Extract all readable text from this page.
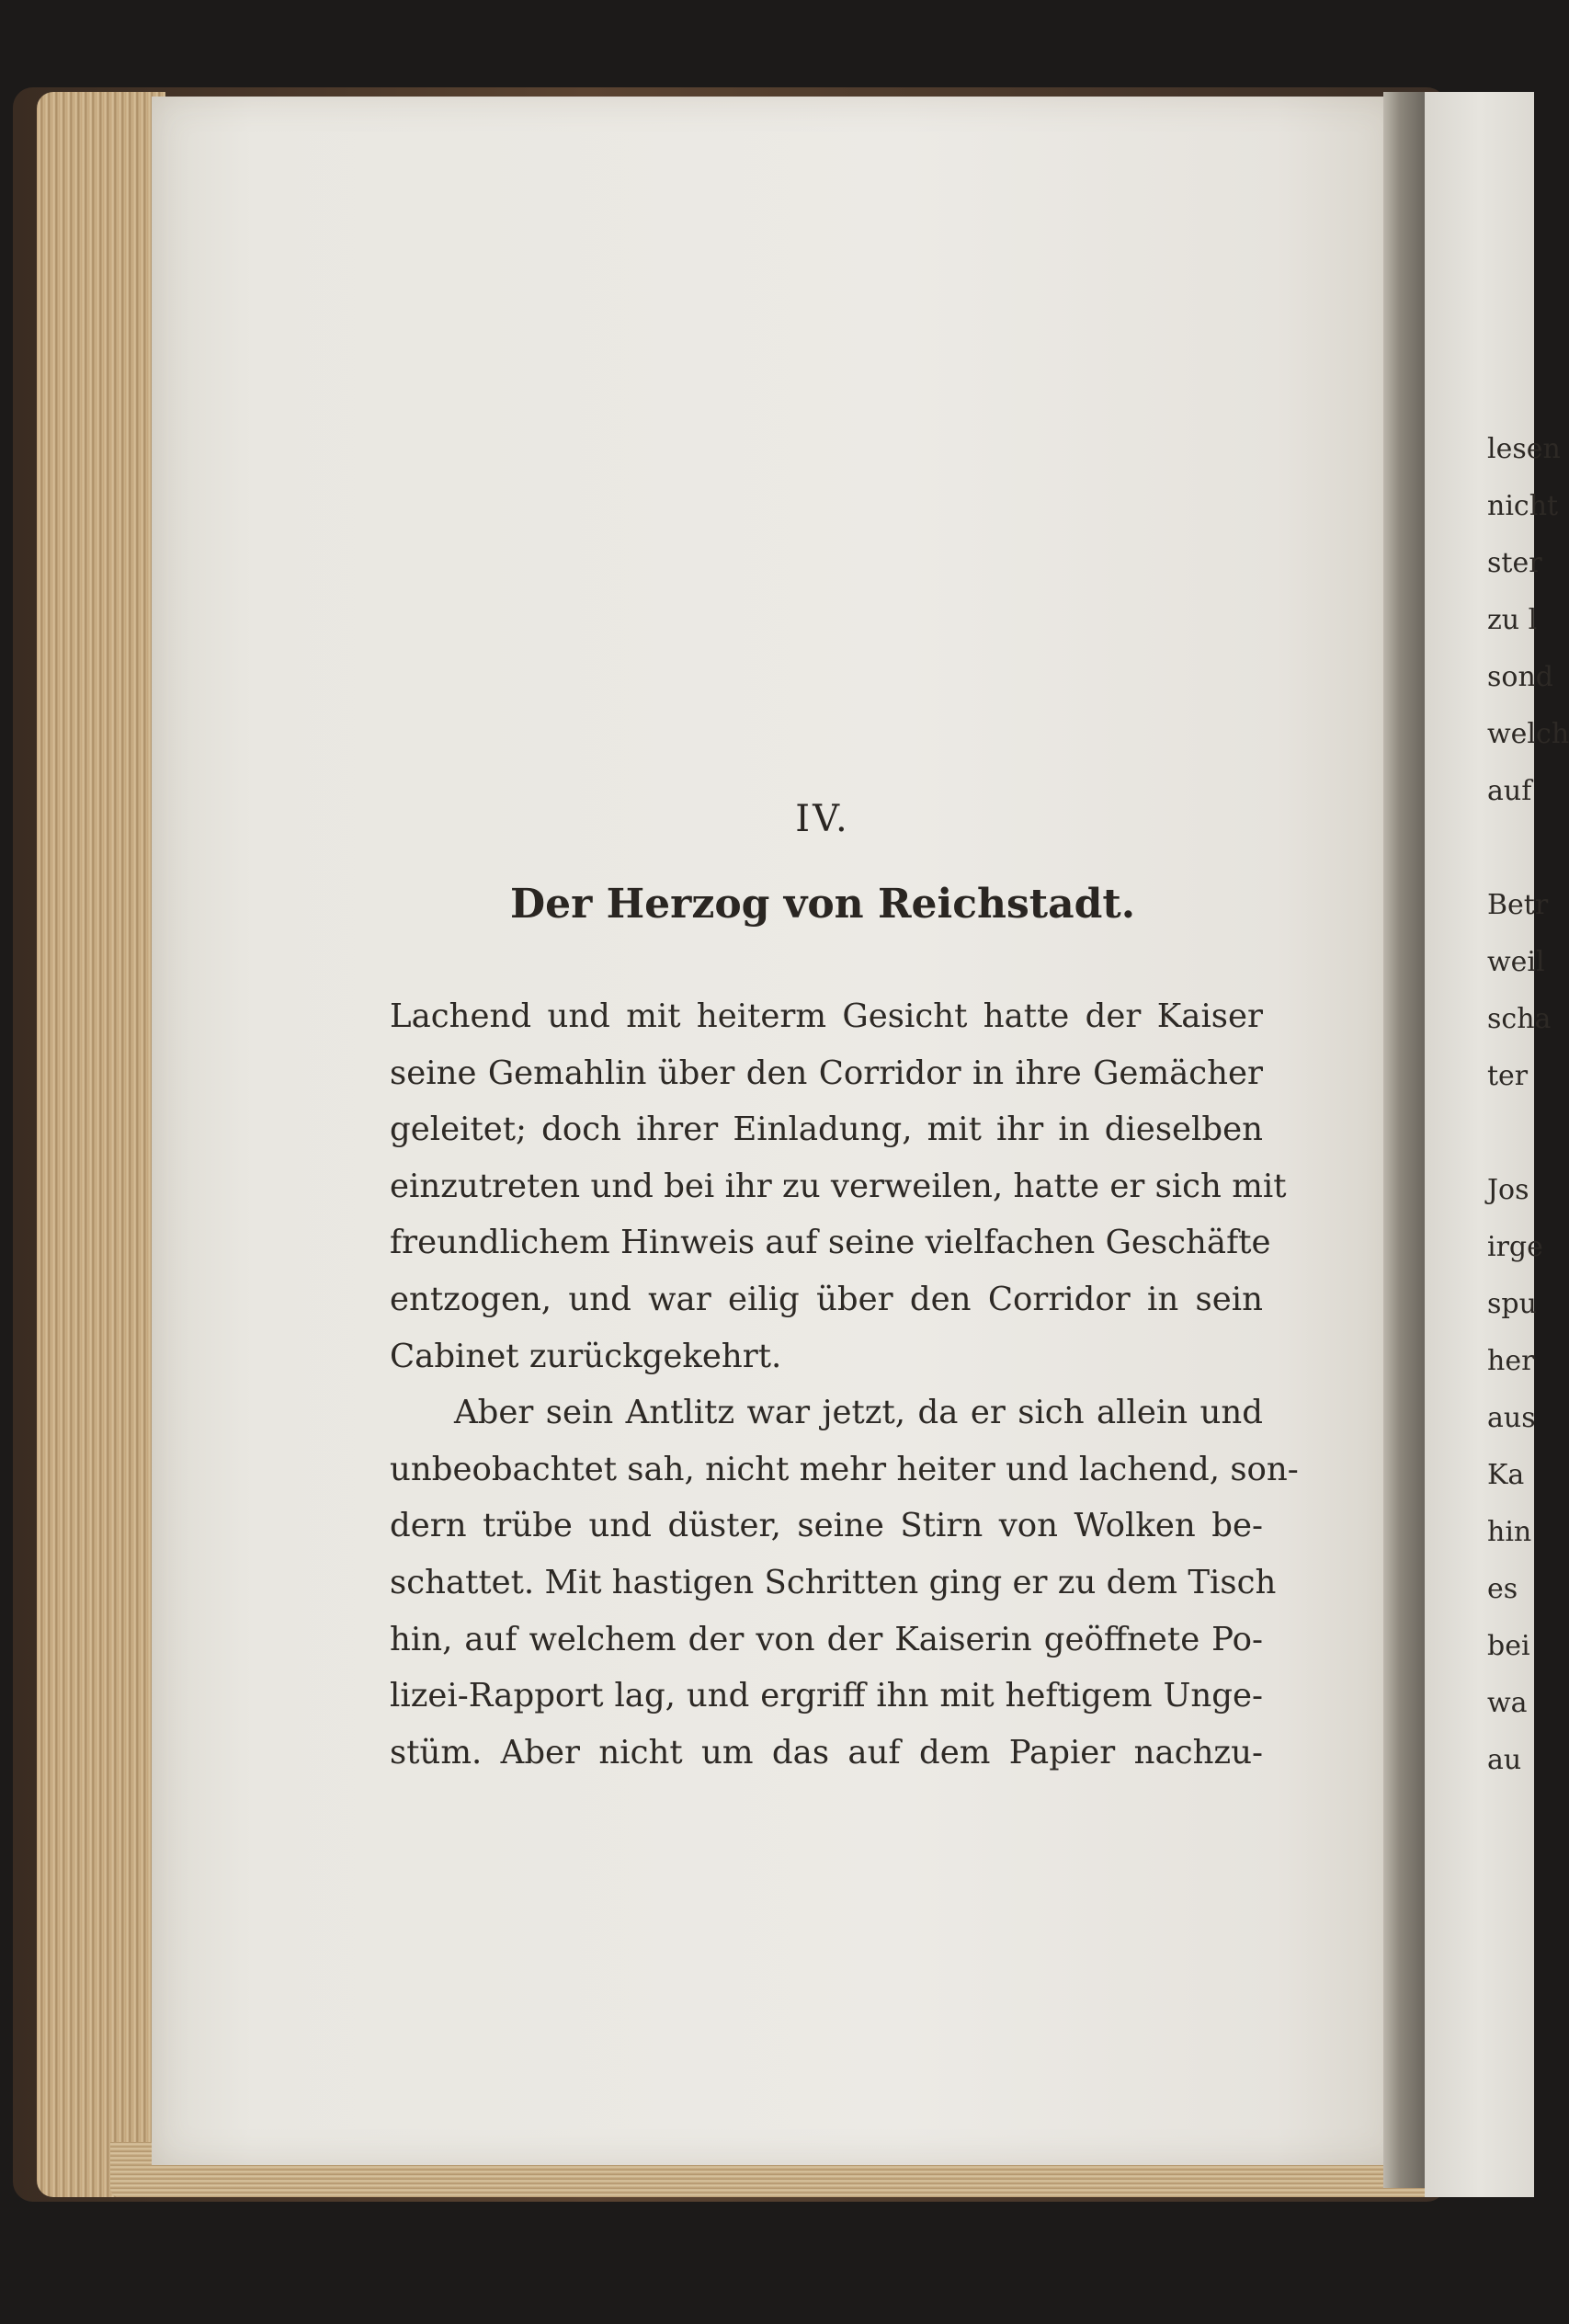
IV.
Der Herzog von Reichstadt.
Lachend und mit heiterm Gesicht hatte der Kaiser
seine Gemahlin über den Corridor in ihre Gemächer
geleitet; doch ihrer Einladung, mit ihr in dieselben
einzutreten und bei ihr zu verweilen, hatte er sich mit
freundlichem Hinweis auf seine vielfachen Geschäfte
entzogen, und war eilig über den Corridor in sein
Cabinet zurückgekehrt.
Aber sein Antlitz war jetzt, da er sich allein und
unbeobachtet sah, nicht mehr heiter und lachend, son-
dern trübe und düster, seine Stirn von Wolken be-
schattet. Mit hastigen Schritten ging er zu dem Tisch
hin, auf welchem der von der Kaiserin geöffnete Po-
lizei-Rapport lag, und ergriff ihn mit heftigem Unge-
stüm. Aber nicht um das auf dem Papier nachzu-
lesen
nicht
ster
zu l
sond
welch
auf
Betr
weil
scha
ter
Jos
irge
spu
her
aus
Ka
hin
es
bei
wa
au
